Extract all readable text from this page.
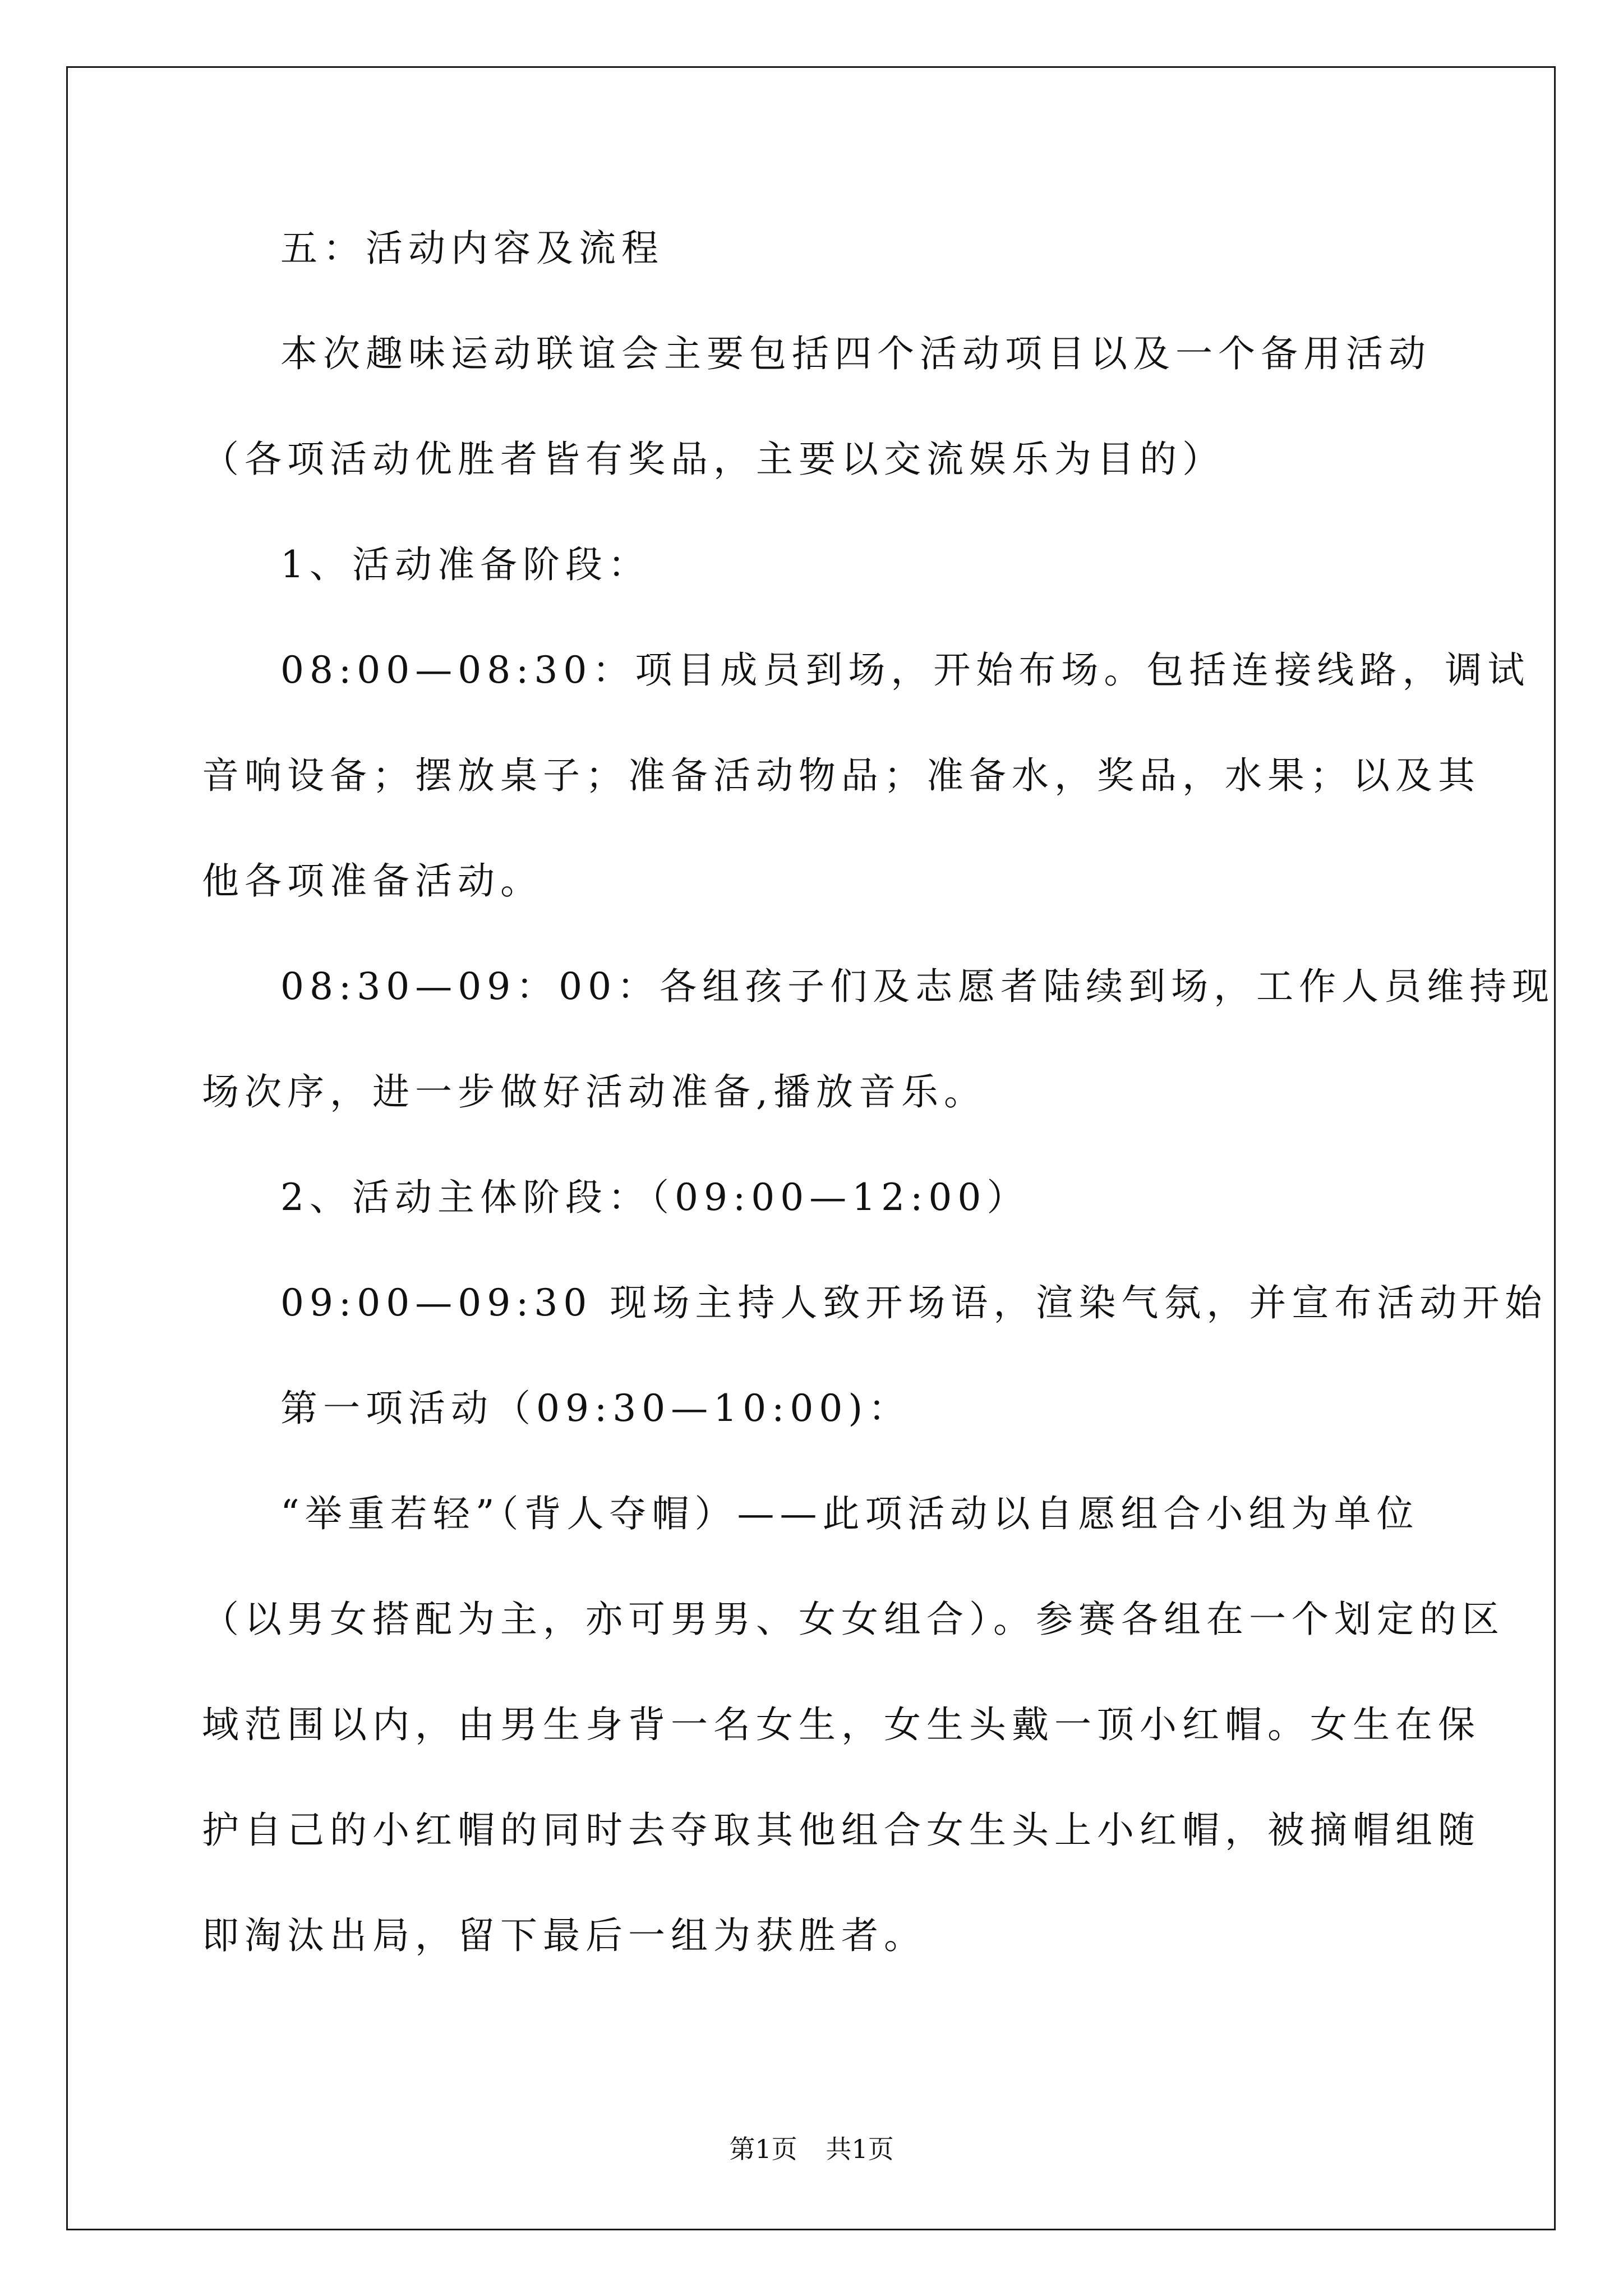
五：活动内容及流程
本次趣味运动联谊会主要包括四个活动项目以及一个备用活动
（各项活动优胜者皆有奖品，主要以交流娱乐为目的）
1、活动准备阶段：
08:00—08:30：项目成员到场，开始布场。包括连接线路，调试
音响设备；摆放桌子；准备活动物品；准备水，奖品，水果；以及其
他各项准备活动。
08:30—09：00：各组孩子们及志愿者陆续到场，工作人员维持现
场次序，进一步做好活动准备,播放音乐。
2、活动主体阶段：（09:00—12:00）
09:00—09:30 现场主持人致开场语，渲染气氛，并宣布活动开始
第一项活动（09:30—10:00)：
“举重若轻”（背人夺帽）——此项活动以自愿组合小组为单位
（以男女搭配为主，亦可男男、女女组合）。参赛各组在一个划定的区
域范围以内，由男生身背一名女生，女生头戴一顶小红帽。女生在保
护自己的小红帽的同时去夺取其他组合女生头上小红帽，被摘帽组随
即淘汰出局，留下最后一组为获胜者。
第1页 共1页
